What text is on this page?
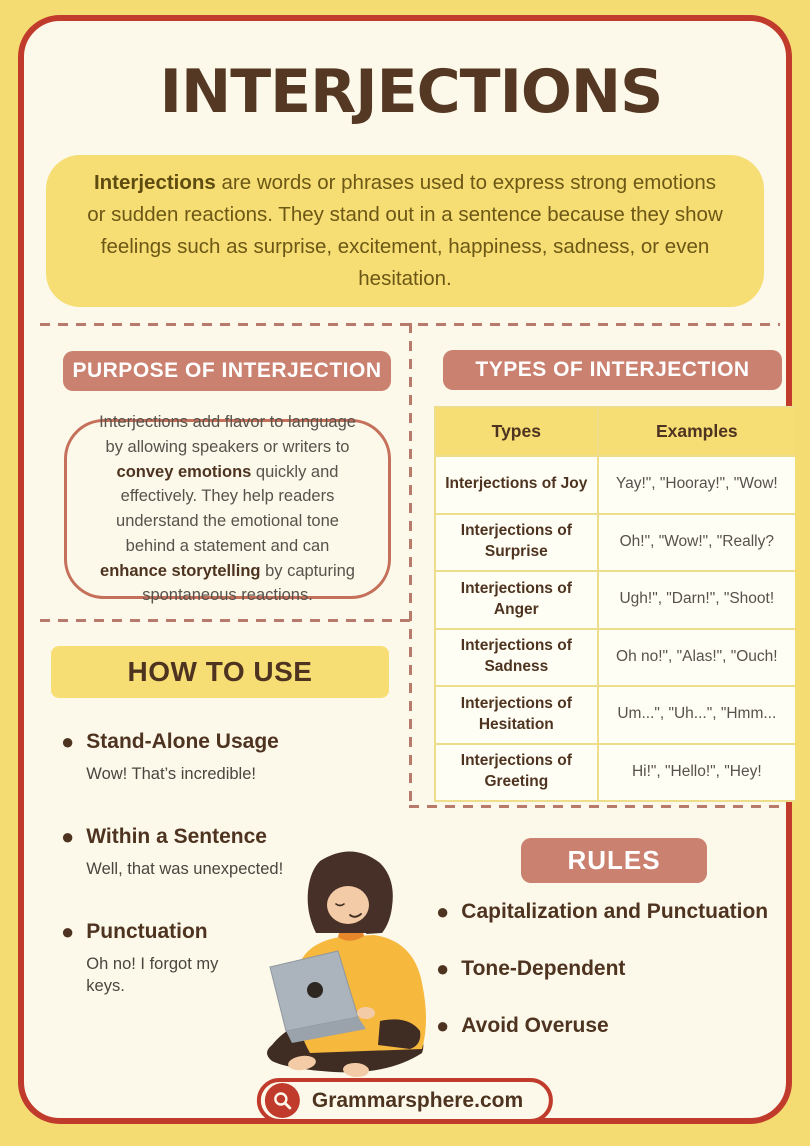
INTERJECTIONS

Interjections are words or phrases used to express strong emotions or sudden reactions. They stand out in a sentence because they show feelings such as surprise, excitement, happiness, sadness, or even hesitation.

PURPOSE OF INTERJECTION

Interjections add flavor to language by allowing speakers or writers to convey emotions quickly and effectively. They help readers understand the emotional tone behind a statement and can enhance storytelling by capturing spontaneous reactions.

HOW TO USE
● Stand-Alone Usage
Wow! That’s incredible!
● Within a Sentence
Well, that was unexpected!
● Punctuation
Oh no! I forgot my keys.
TYPES OF INTERJECTION
Types	Examples
Interjections of Joy	Yay!", "Hooray!", "Wow!
Interjections of Surprise
Oh!", "Wow!", "Really?
Interjections of Anger
Ugh!", "Darn!", "Shoot!
Interjections of Sadness
Oh no!", "Alas!", "Ouch!
Interjections of Hesitation
Um...", "Uh...", "Hmm...
Interjections of Greeting
Hi!", "Hello!", "Hey!
RULES
● Capitalization and Punctuation
● Tone-Dependent
● Avoid Overuse
Grammarsphere.com
